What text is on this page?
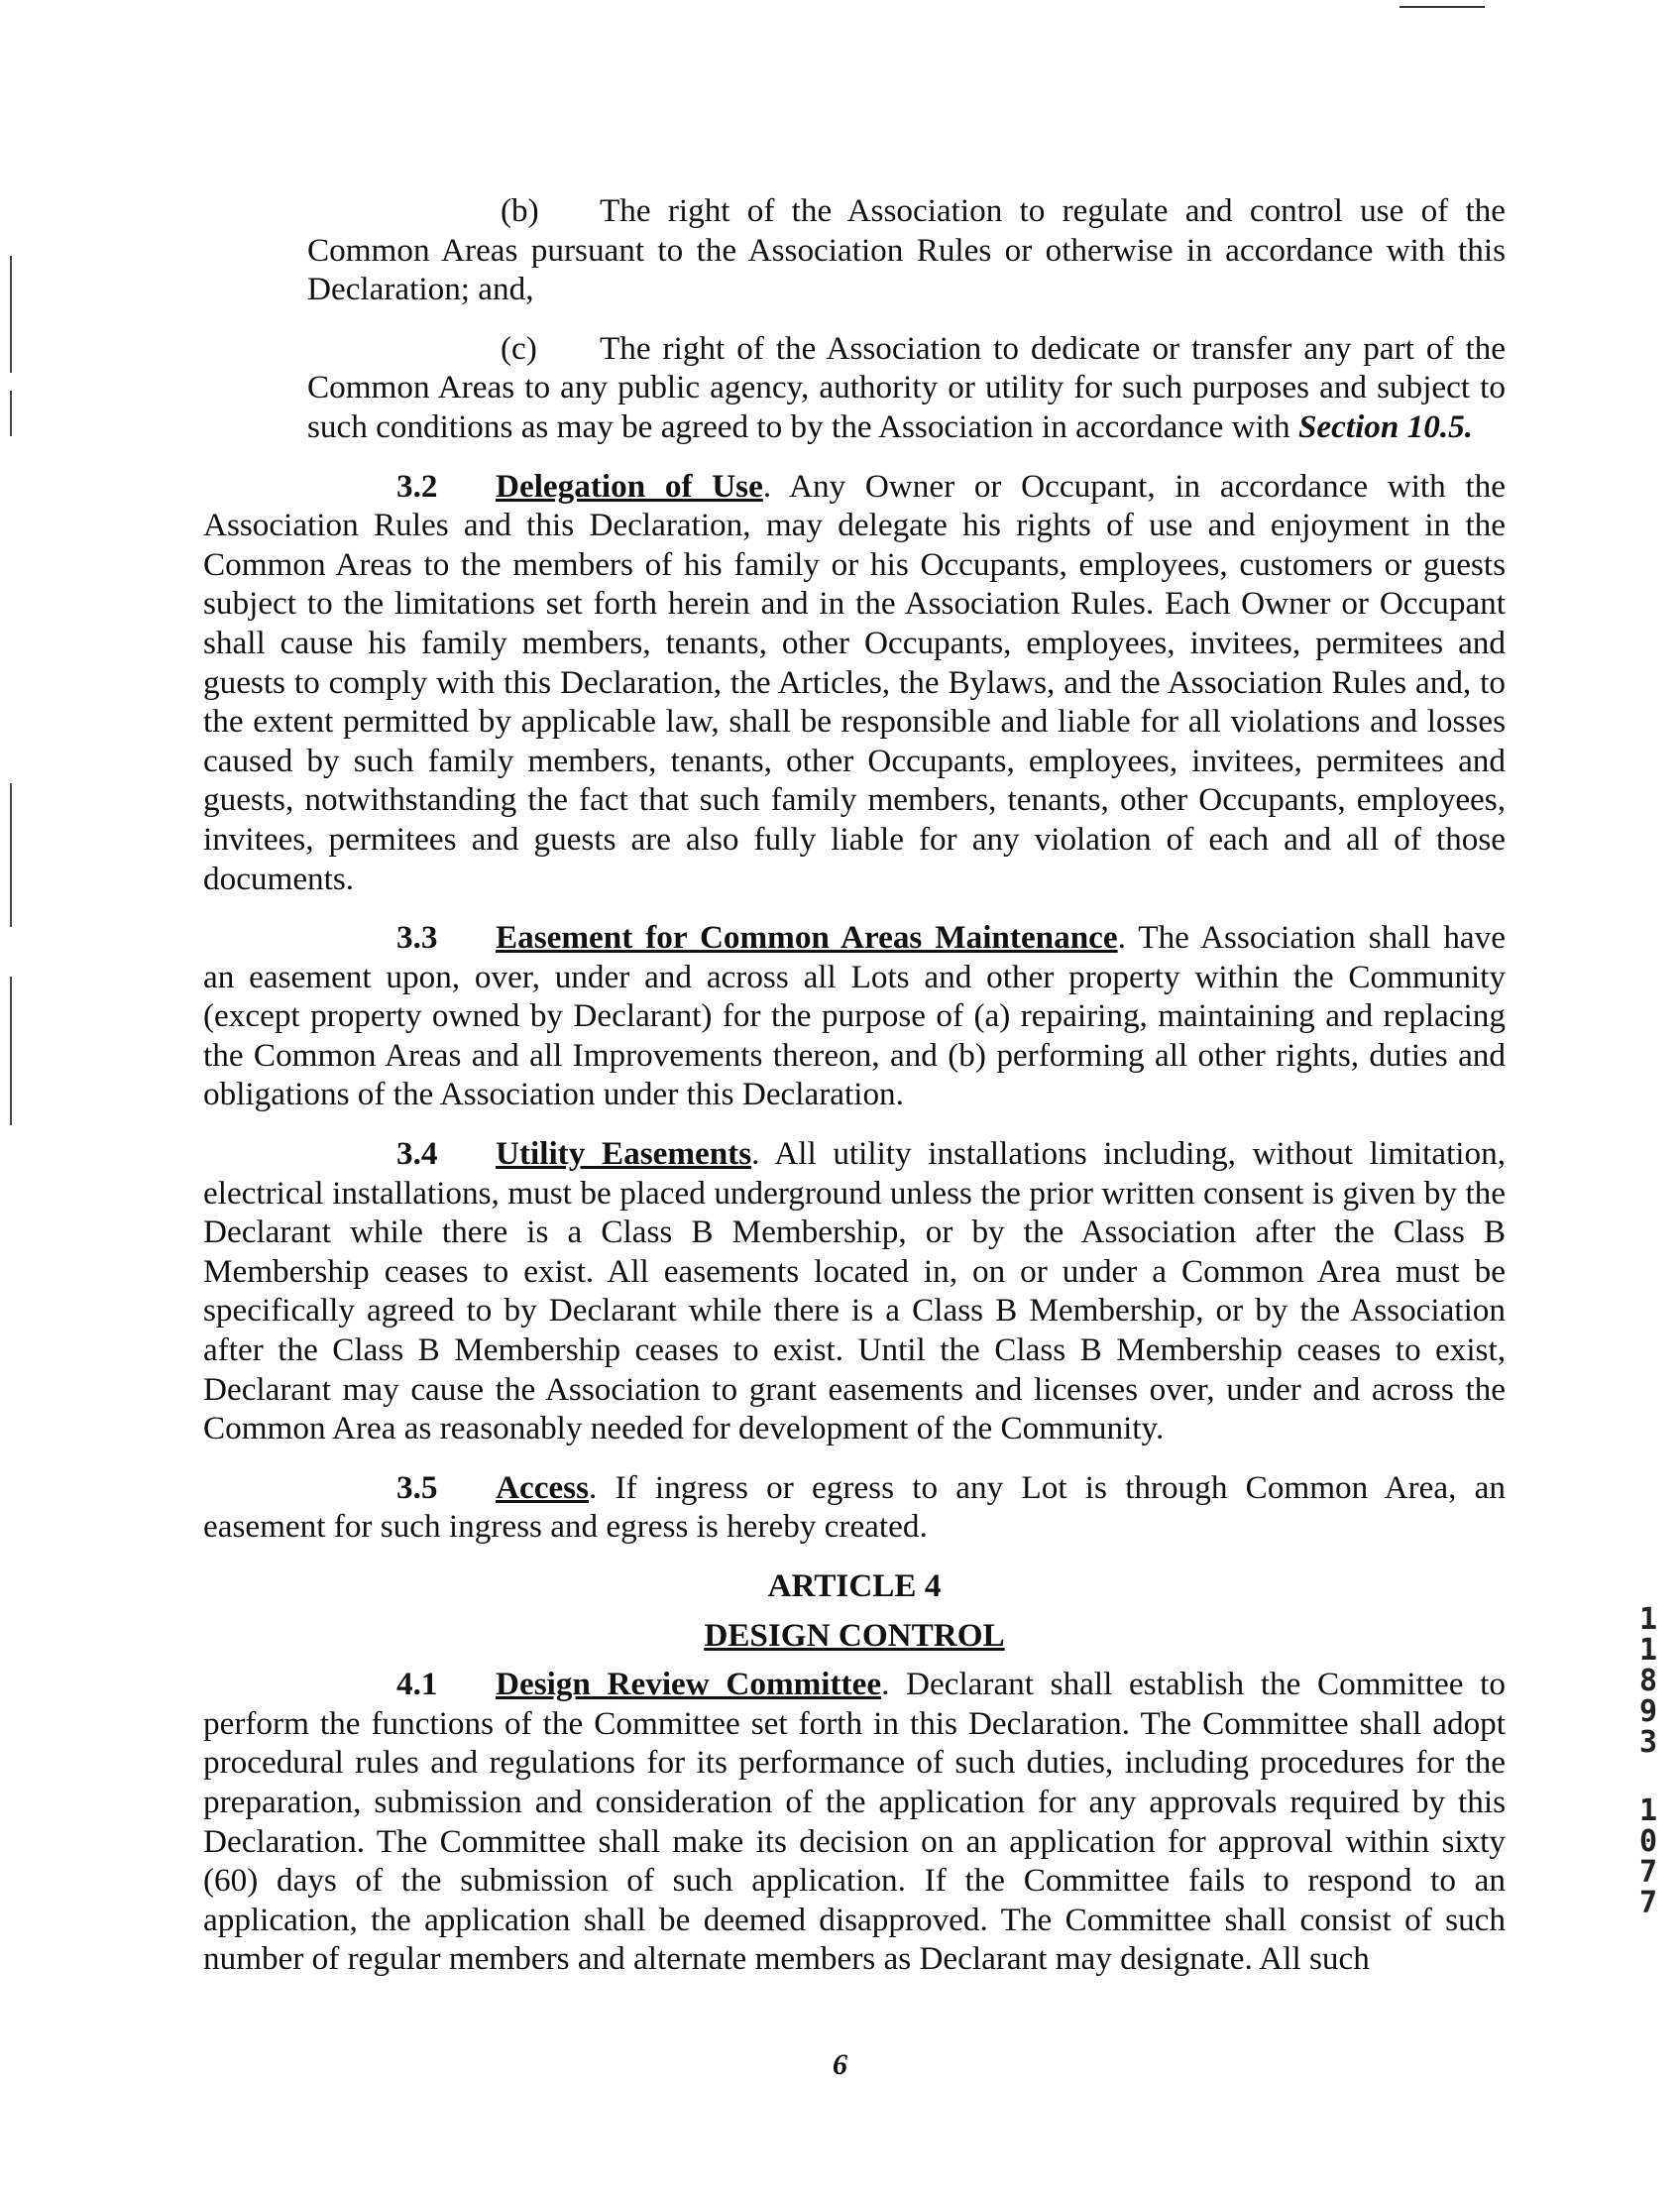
(b) The right of the Association to regulate and control use of the Common Areas pursuant to the Association Rules or otherwise in accordance with this Declaration; and,

(c) The right of the Association to dedicate or transfer any part of the Common Areas to any public agency, authority or utility for such purposes and subject to such conditions as may be agreed to by the Association in accordance with Section 10.5.

3.2 Delegation of Use. Any Owner or Occupant, in accordance with the Association Rules and this Declaration, may delegate his rights of use and enjoyment in the Common Areas to the members of his family or his Occupants, employees, customers or guests subject to the limitations set forth herein and in the Association Rules. Each Owner or Occupant shall cause his family members, tenants, other Occupants, employees, invitees, permitees and guests to comply with this Declaration, the Articles, the Bylaws, and the Association Rules and, to the extent permitted by applicable law, shall be responsible and liable for all violations and losses caused by such family members, tenants, other Occupants, employees, invitees, permitees and guests, notwithstanding the fact that such family members, tenants, other Occupants, employees, invitees, permitees and guests are also fully liable for any violation of each and all of those documents.

3.3 Easement for Common Areas Maintenance. The Association shall have an easement upon, over, under and across all Lots and other property within the Community (except property owned by Declarant) for the purpose of (a) repairing, maintaining and replacing the Common Areas and all Improvements thereon, and (b) performing all other rights, duties and obligations of the Association under this Declaration.

3.4 Utility Easements. All utility installations including, without limitation, electrical installations, must be placed underground unless the prior written consent is given by the Declarant while there is a Class B Membership, or by the Association after the Class B Membership ceases to exist. All easements located in, on or under a Common Area must be specifically agreed to by Declarant while there is a Class B Membership, or by the Association after the Class B Membership ceases to exist. Until the Class B Membership ceases to exist, Declarant may cause the Association to grant easements and licenses over, under and across the Common Area as reasonably needed for development of the Community.

3.5 Access. If ingress or egress to any Lot is through Common Area, an easement for such ingress and egress is hereby created.

ARTICLE 4

DESIGN CONTROL

4.1 Design Review Committee. Declarant shall establish the Committee to perform the functions of the Committee set forth in this Declaration. The Committee shall adopt procedural rules and regulations for its performance of such duties, including procedures for the preparation, submission and consideration of the application for any approvals required by this Declaration. The Committee shall make its decision on an application for approval within sixty (60) days of the submission of such application. If the Committee fails to respond to an application, the application shall be deemed disapproved. The Committee shall consist of such number of regular members and alternate members as Declarant may designate. All such

6
1
1
8
9
3
1
0
7
7
